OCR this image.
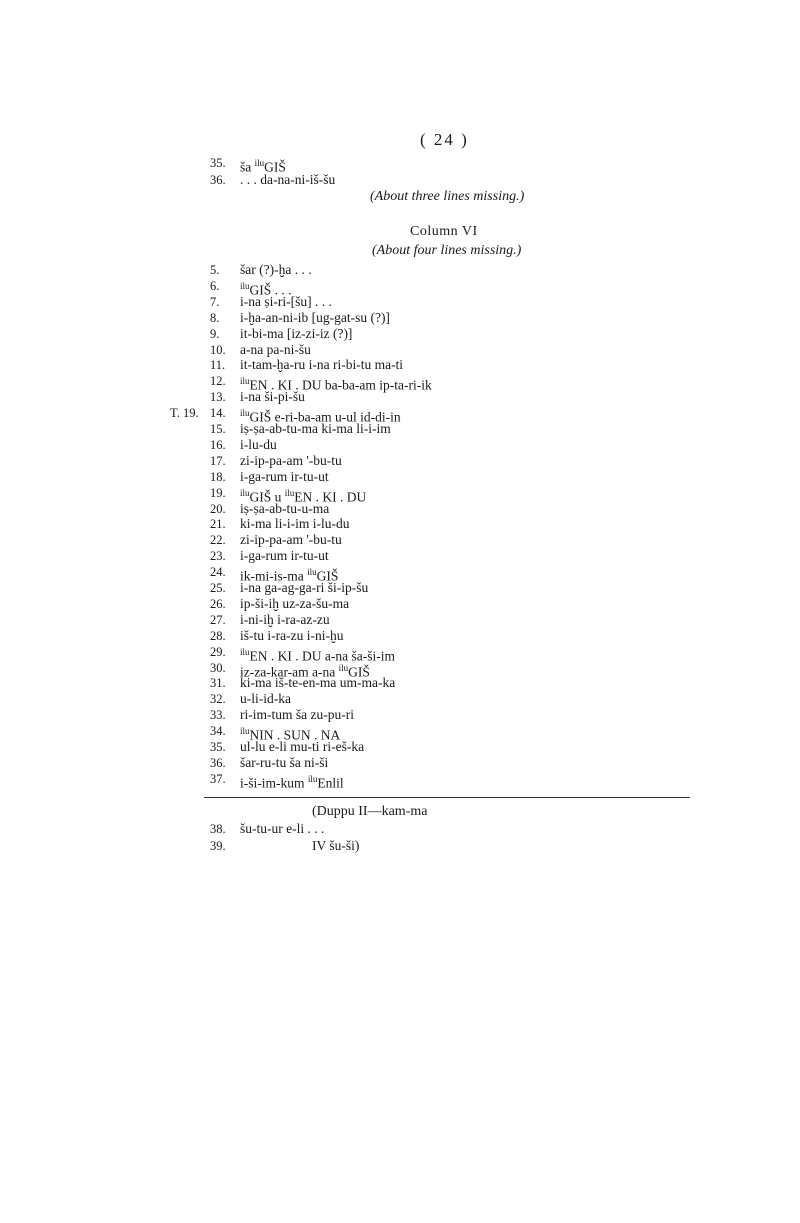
( 24 )
35.	ša $^{ilu}$GIŠ
36.	. . . da-na-ni-iš-šu
(About three lines missing.)
Column VI
(About four lines missing.)
5.	šar (?)-ḫa . . .
6.	$^{ilu}$GIŠ . . .
7.	i-na ṣi-ri-[šu] . . .
8.	i-ḫa-an-ni-ib [ug-gat-su (?)]
9.	it-bi-ma [iz-zi-iz (?)]
10.	a-na pa-ni-šu
11.	it-tam-ḫa-ru i-na ri-bi-tu ma-ti
12.	$^{ilu}$EN . KI . DU ba-ba-am ip-ta-ri-ik
13.	i-na ši-pi-šu
T. 19. 14.	$^{ilu}$GIŠ e-ri-ba-am u-ul id-di-in
15.	iṣ-ṣa-ab-tu-ma ki-ma li-i-im
16.	i-lu-du
17.	zi-ip-pa-am '-bu-tu
18.	i-ga-rum ir-tu-ut
19.	$^{ilu}$GIŠ u $^{ilu}$EN . KI . DU
20.	iṣ-ṣa-ab-tu-u-ma
21.	ki-ma li-i-im i-lu-du
22.	zi-ip-pa-am '-bu-tu
23.	i-ga-rum ir-tu-ut
24.	ik-mi-is-ma $^{ilu}$GIŠ
25.	i-na ga-ag-ga-ri ši-ip-šu
26.	ip-ši-iḫ uz-za-šu-ma
27.	i-ni-iḫ i-ra-az-zu
28.	iš-tu i-ra-zu i-ni-ḫu
29.	$^{ilu}$EN . KI . DU a-na ša-ši-im
30.	iz-za-kar-am a-na $^{ilu}$GIŠ
31.	ki-ma iš-te-en-ma um-ma-ka
32.	u-li-id-ka
33.	ri-im-tum ša zu-pu-ri
34.	$^{ilu}$NIN . SUN . NA
35.	ul-lu e-li mu-ti ri-eš-ka
36.	šar-ru-tu ša ni-ši
37.	i-ši-im-kum $^{ilu}$Enlil
(Duppu II—kam-ma
38.	šu-tu-ur e-li . . .
39.	IV šu-ši)
